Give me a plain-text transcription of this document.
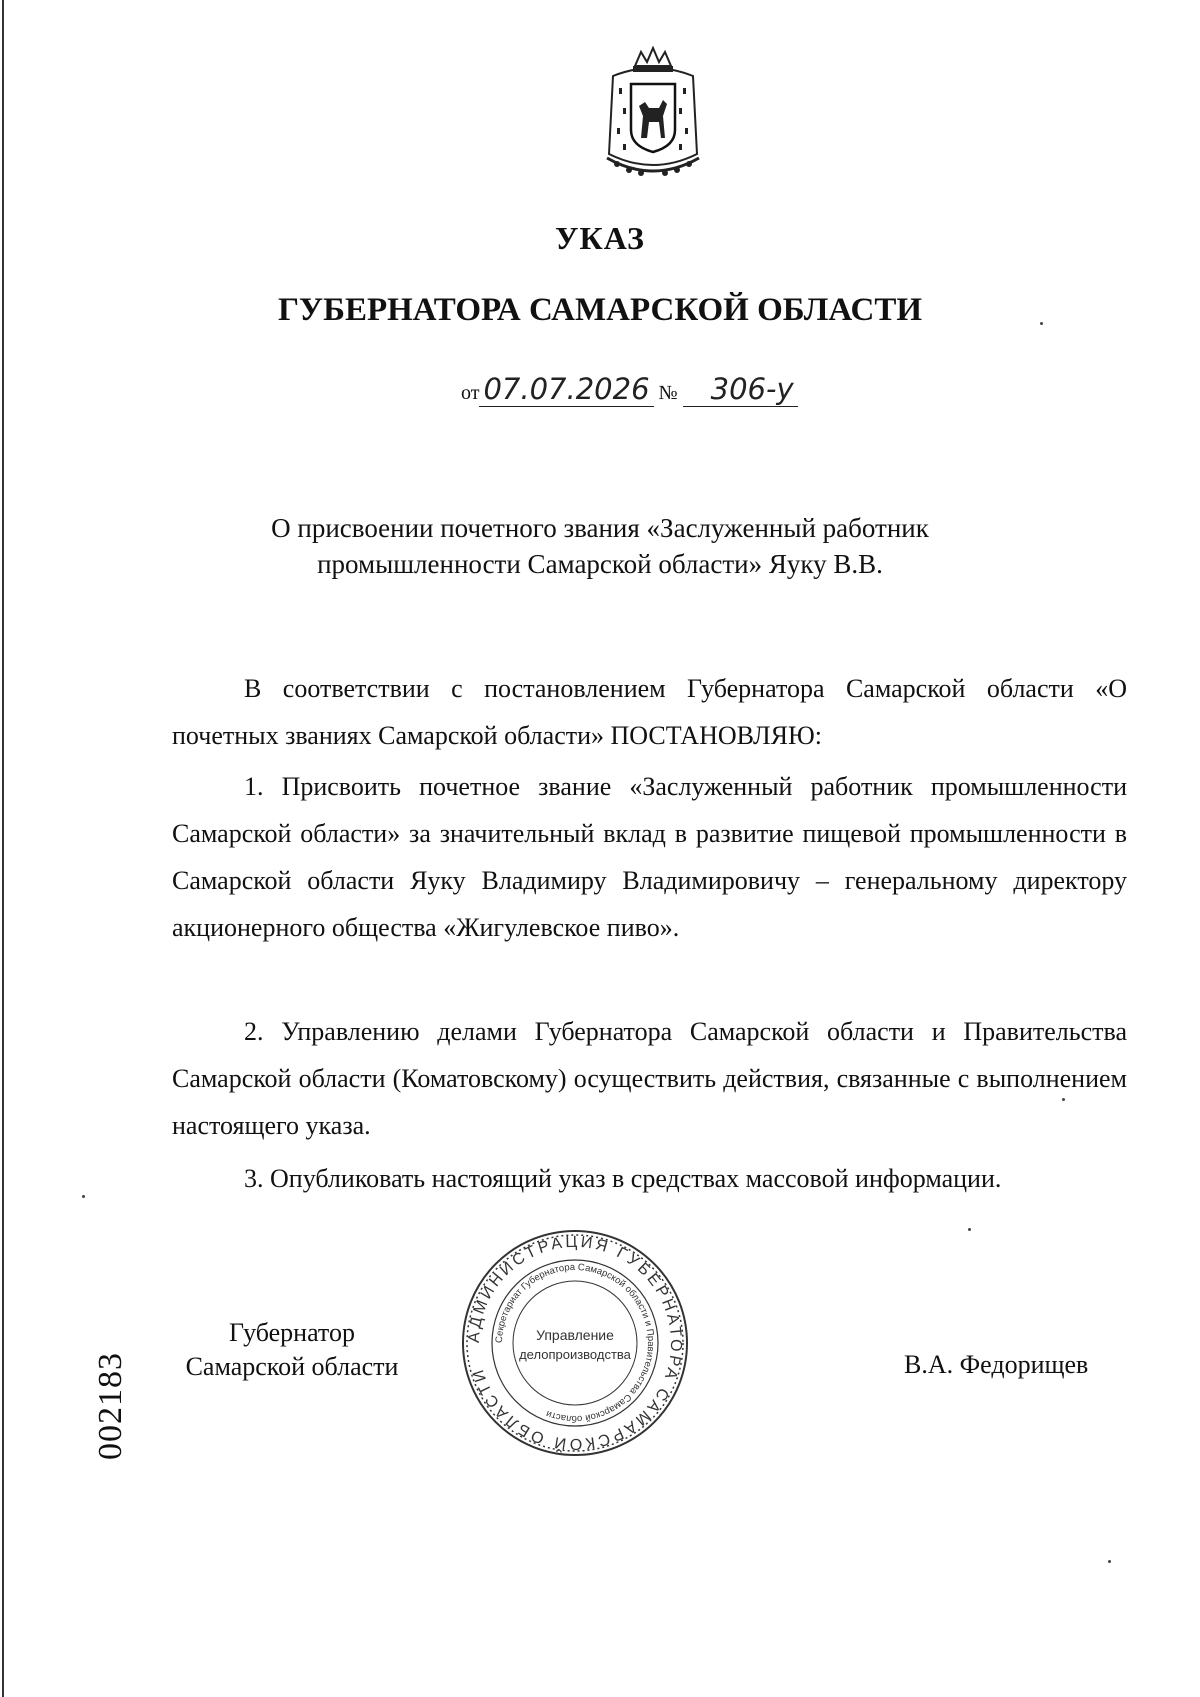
УКАЗ
ГУБЕРНАТОРА САМАРСКОЙ ОБЛАСТИ
от 07.07.2026 № 306-у
О присвоении почетного звания «Заслуженный работник
промышленности Самарской области» Яуку В.В.

В соответствии с постановлением Губернатора Самарской области «О почетных званиях Самарской области» ПОСТАНОВЛЯЮ:

1. Присвоить почетное звание «Заслуженный работник промышленности Самарской области» за значительный вклад в развитие пищевой промышленности в Самарской области Яуку Владимиру Владимировичу – генеральному директору акционерного общества «Жигулевское пиво».

2. Управлению делами Губернатора Самарской области и Правительства Самарской области (Коматовскому) осуществить действия, связанные с выполнением настоящего указа.

3. Опубликовать настоящий указ в средствах массовой информации.

Губернатор
Самарской области
АДМИНИСТРАЦИЯ ГУБЕРНАТОРА САМАРСКОЙ ОБЛАСТИ
Секретариат Губернатора Самарской области и Правительства Самарской области
Управление
делопроизводства	В.А. Федорищев
002183
